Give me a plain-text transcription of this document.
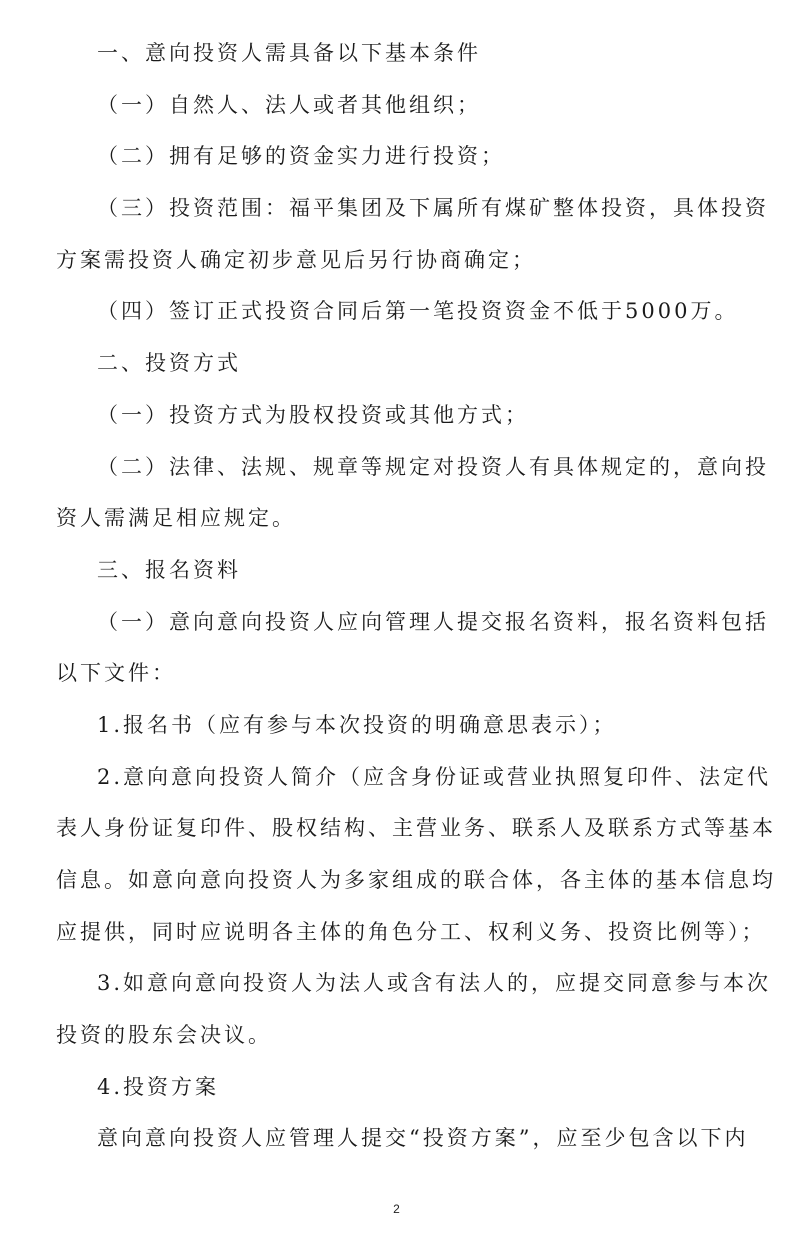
一、意向投资人需具备以下基本条件
（一）自然人、法人或者其他组织；
（二）拥有足够的资金实力进行投资；
（三）投资范围：福平集团及下属所有煤矿整体投资，具体投资
方案需投资人确定初步意见后另行协商确定；
（四）签订正式投资合同后第一笔投资资金不低于5000万。
二、投资方式
（一）投资方式为股权投资或其他方式；
（二）法律、法规、规章等规定对投资人有具体规定的，意向投
资人需满足相应规定。
三、报名资料
（一）意向意向投资人应向管理人提交报名资料，报名资料包括
以下文件：
1.报名书（应有参与本次投资的明确意思表示）；
2.意向意向投资人简介（应含身份证或营业执照复印件、法定代
表人身份证复印件、股权结构、主营业务、联系人及联系方式等基本
信息。如意向意向投资人为多家组成的联合体，各主体的基本信息均
应提供，同时应说明各主体的角色分工、权利义务、投资比例等）；
3.如意向意向投资人为法人或含有法人的，应提交同意参与本次
投资的股东会决议。
4.投资方案
意向意向投资人应管理人提交“投资方案”，应至少包含以下内
2
